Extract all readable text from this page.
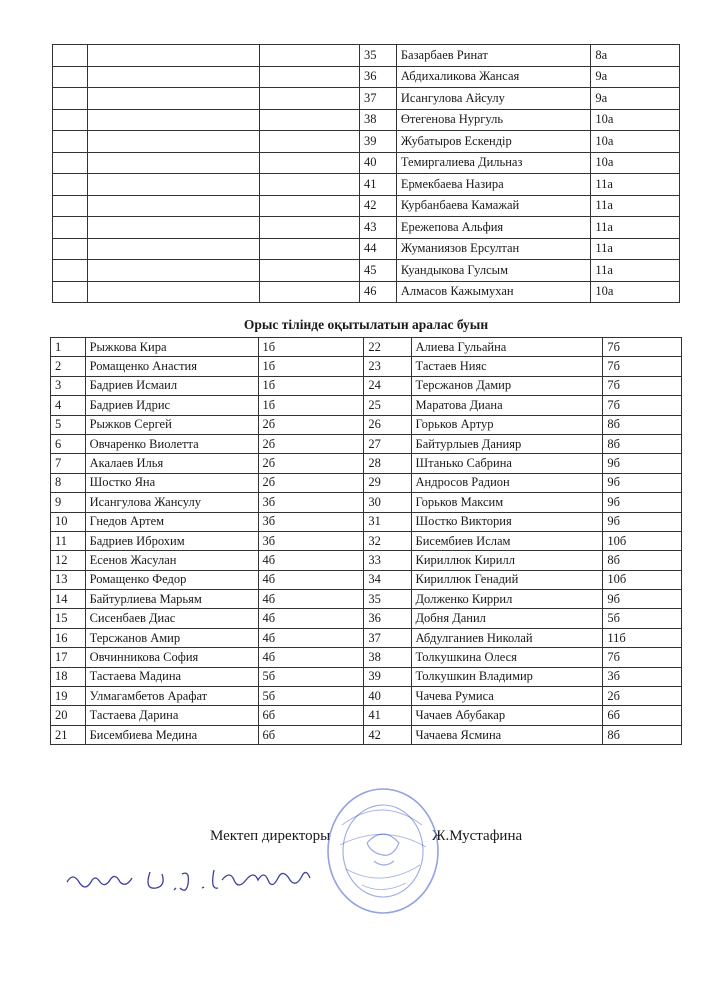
			35	Базарбаев Ринат	8а
			36	Абдихаликова Жансая	9а
			37	Исангулова Айсулу	9а
			38	Өтегенова Нургуль	10а
			39	Жубатыров Ескендір	10а
			40	Темиргалиева Дильназ	10а
			41	Ермекбаева Назира	11а
			42	Курбанбаева Камажай	11а
			43	Ережепова Альфия	11а
			44	Жуманиязов Ерсултан	11а
			45	Куандыкова Гулсым	11а
			46	Алмасов Кажымухан	10а
Орыс тілінде оқытылатын аралас буын
1	Рыжкова Кира	1б	22	Алиева Гульайна	7б
2	Ромащенко Анастия	1б	23	Тастаев Нияс	7б
3	Бадриев Исмаил	1б	24	Терсжанов Дамир	7б
4	Бадриев Идрис	1б	25	Маратова Диана	7б
5	Рыжков Сергей	2б	26	Горьков Артур	8б
6	Овчаренко Виолетта	2б	27	Байтурлыев Данияр	8б
7	Акалаев Илья	2б	28	Штанько Сабрина	9б
8	Шостко Яна	2б	29	Андросов Радион	9б
9	Исангулова Жансулу	3б	30	Горьков Максим	9б
10	Гнедов Артем	3б	31	Шостко Виктория	9б
11	Бадриев Иброхим	3б	32	Бисембиев Ислам	10б
12	Есенов Жасулан	4б	33	Кириллюк Кирилл	8б
13	Ромащенко Федор	4б	34	Кириллюк Генадий	10б
14	Байтурлиева Марьям	4б	35	Долженко Киррил	9б
15	Сисенбаев Диас	4б	36	Добня Данил	5б
16	Терсжанов Амир	4б	37	Абдулганиев Николай	11б
17	Овчинникова София	4б	38	Толкушкина Олеся	7б
18	Тастаева Мадина	5б	39	Толкушкин Владимир	3б
19	Улмагамбетов Арафат	5б	40	Чачева Румиса	2б
20	Тастаева Дарина	6б	41	Чачаев Абубакар	6б
21	Бисембиева Медина	6б	42	Чачаева Ясмина	8б
Мектеп директоры	Ж.Мустафина
